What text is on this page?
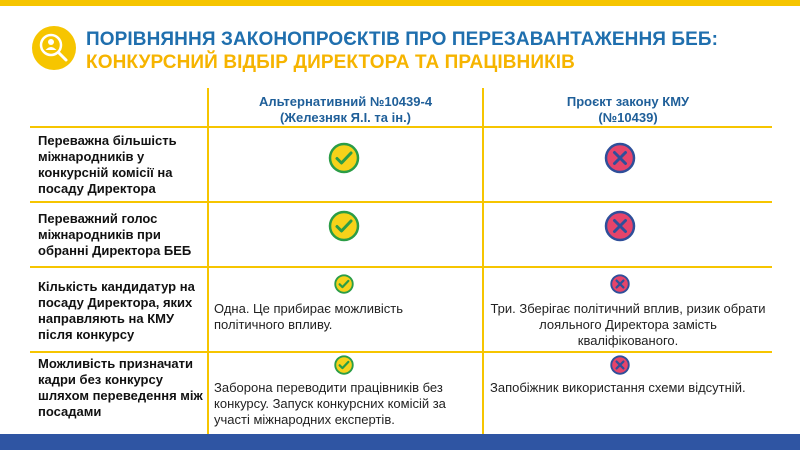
ПОРІВНЯННЯ ЗАКОНОПРОЄКТІВ ПРО ПЕРЕЗАВАНТАЖЕННЯ БЕБ:
КОНКУРСНИЙ ВІДБІР ДИРЕКТОРА ТА ПРАЦІВНИКІВ
Альтернативний №10439-4
(Железняк Я.І. та ін.)
Проєкт закону КМУ
(№10439)
Переважна більшість міжнародників у конкурсній комісії на посаду Директора
Переважний голос міжнародників при обранні Директора БЕБ
Кількість кандидатур на посаду Директора, яких направляють на КМУ після конкурсу
Можливість призначати кадри без конкурсу шляхом переведення між посадами
Одна. Це прибирає можливість політичного впливу.
Три. Зберігає політичний вплив, ризик обрати лояльного Директора замість кваліфікованого.
Заборона переводити працівників без конкурсу. Запуск конкурсних комісій за участі міжнародних експертів.
Запобіжник використання схеми відсутній.
